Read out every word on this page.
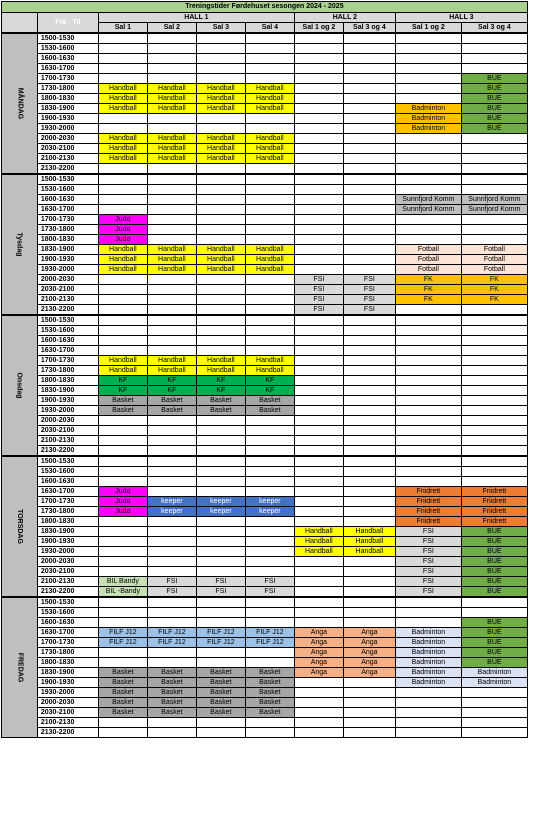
Treningstider Førdehuset sesongen 2024 - 2025									
	Frå - Til	HALL 1				HALL 2		HALL 3	
		Sal 1	Sal 2	Sal 3	Sal 4	Sal 1 og 2	Sal 3 og 4	Sal 1 og 2	Sal 3 og 4
MÅNDAG	1500-1530								
	1530-1600								
	1600-1630								
	1630-1700								
	1700-1730								BUE
	1730-1800	Handball	Handball	Handball	Handball				BUE
	1800-1830	Handball	Handball	Handball	Handball				BUE
	1830-1900	Handball	Handball	Handball	Handball			Badminton	BUE
	1900-1930							Badminton	BUE
	1930-2000							Badminton	BUE
	2000-2030	Handball	Handball	Handball	Handball				
	2030-2100	Handball	Handball	Handball	Handball				
	2100-2130	Handball	Handball	Handball	Handball				
	2130-2200								
Tysdag	1500-1530								
	1530-1600								
	1600-1630							Sunnfjord Komm	Sunnfjord Komm
	1630-1700							Sunnfjord Komm	Sunnfjord Komm
	1700-1730	Judo							
	1730-1800	Judo							
	1800-1830	Judo							
	1830-1900	Handball	Handball	Handball	Handball			Fotball	Fotball
	1900-1930	Handball	Handball	Handball	Handball			Fotball	Fotball
	1930-2000	Handball	Handball	Handball	Handball			Fotball	Fotball
	2000-2030					FSI	FSI	FK	FK
	2030-2100					FSI	FSI	FK	FK
	2100-2130					FSI	FSI	FK	FK
	2130-2200					FSI	FSI		
Onsdag	1500-1530								
	1530-1600								
	1600-1630								
	1630-1700								
	1700-1730	Handball	Handball	Handball	Handball				
	1730-1800	Handball	Handball	Handball	Handball				
	1800-1830	KF	KF	KF	KF				
	1830-1900	KF	KF	KF	KF				
	1900-1930	Basket	Basket	Basket	Basket				
	1930-2000	Basket	Basket	Basket	Basket				
	2000-2030								
	2030-2100								
	2100-2130								
	2130-2200								
TORSDAG	1500-1530								
	1530-1600								
	1600-1630								
	1630-1700	Judo						Friidrett	Friidrett
	1700-1730	Judo	keeper	keeper	keeper			Friidrett	Friidrett
	1730-1800	Judo	keeper	keeper	keeper			Friidrett	Friidrett
	1800-1830							Friidrett	Friidrett
	1830-1900					Handball	Handball	FSI	BUE
	1900-1930					Handball	Handball	FSI	BUE
	1930-2000					Handball	Handball	FSI	BUE
	2000-2030							FSI	BUE
	2030-2100							FSI	BUE
	2100-2130	BIL Bandy	FSI	FSI	FSI			FSI	BUE
	2130-2200	BIL -Bandy	FSI	FSI	FSI			FSI	BUE
FREDAG	1500-1530								
	1530-1600								
	1600-1630								BUE
	1630-1700	FILF J12	FILF J12	FILF J12	FILF J12	Anga	Anga	Badminton	BUE
	1700-1730	FILF J12	FILF J12	FILF J12	FILF J12	Anga	Anga	Badminton	BUE
	1730-1800					Anga	Anga	Badminton	BUE
	1800-1830					Anga	Anga	Badminton	BUE
	1830-1900	Basket	Basket	Basket	Basket	Anga	Anga	Badminton	Badminton
	1900-1930	Basket	Basket	Basket	Basket			Badminton	Badminton
	1930-2000	Basket	Basket	Basket	Basket				
	2000-2030	Basket	Basket	Basket	Basket				
	2030-2100	Basket	Basket	Basket	Basket				
	2100-2130								
	2130-2200								
